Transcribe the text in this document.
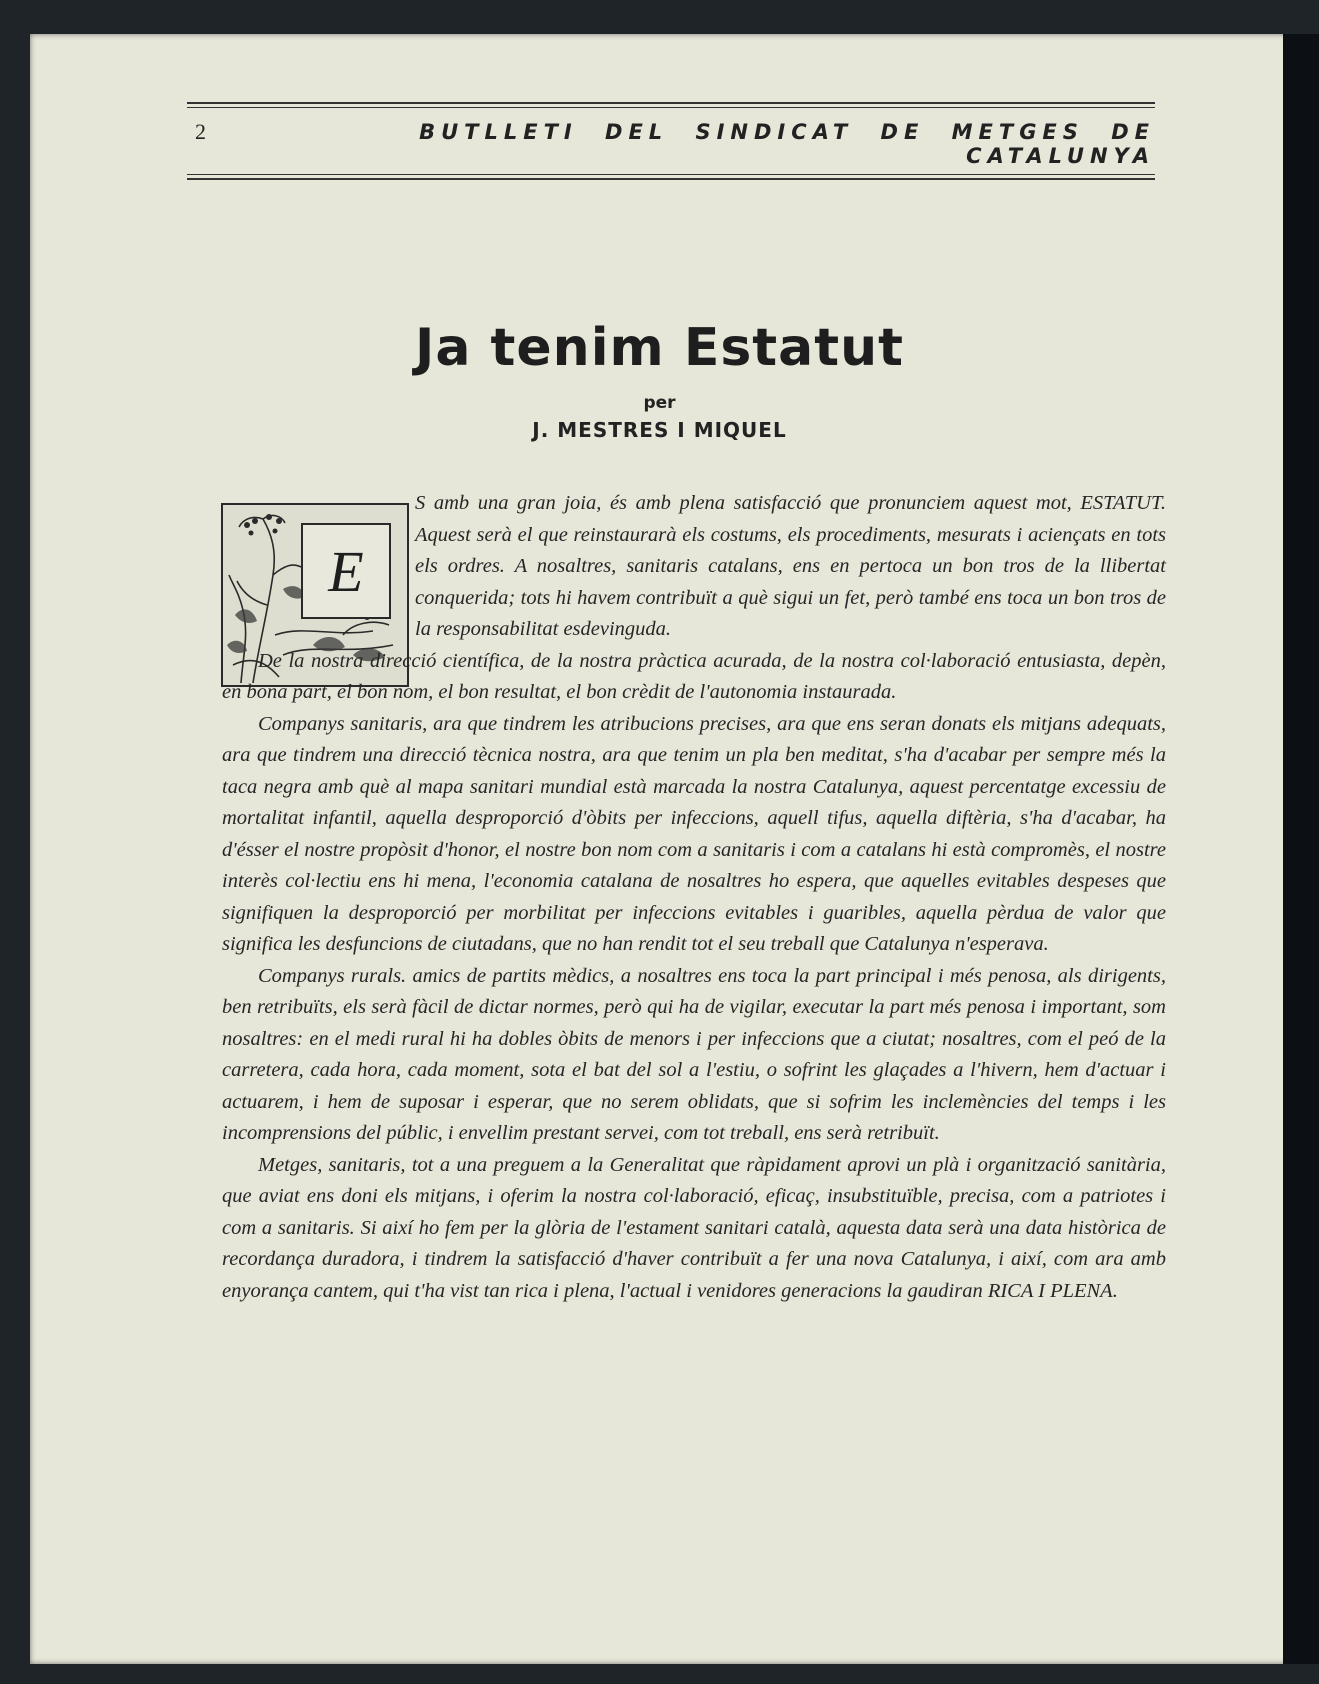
2	BUTLLETI DEL SINDICAT DE METGES DE CATALUNYA
Ja tenim Estatut
per
J. MESTRES I MIQUEL
E

S amb una gran joia, és amb plena satisfacció que pronunciem aquest mot, ESTATUT. Aquest serà el que reinstaurarà els costums, els procediments, mesurats i aciençats en tots els ordres. A nosaltres, sanitaris catalans, ens en pertoca un bon tros de la llibertat conquerida; tots hi havem contribuït a què sigui un fet, però també ens toca un bon tros de la responsabilitat esdevinguda.

De la nostra direcció científica, de la nostra pràctica acurada, de la nostra col·laboració entusiasta, depèn, en bona part, el bon nom, el bon resultat, el bon crèdit de l'autonomia instaurada.

Companys sanitaris, ara que tindrem les atribucions precises, ara que ens seran donats els mitjans adequats, ara que tindrem una direcció tècnica nostra, ara que tenim un pla ben meditat, s'ha d'acabar per sempre més la taca negra amb què al mapa sanitari mundial està marcada la nostra Catalunya, aquest percentatge excessiu de mortalitat infantil, aquella desproporció d'òbits per infeccions, aquell tifus, aquella diftèria, s'ha d'acabar, ha d'ésser el nostre propòsit d'honor, el nostre bon nom com a sanitaris i com a catalans hi està compromès, el nostre interès col·lectiu ens hi mena, l'economia catalana de nosaltres ho espera, que aquelles evitables despeses que signifiquen la desproporció per morbilitat per infeccions evitables i guaribles, aquella pèrdua de valor que significa les desfuncions de ciutadans, que no han rendit tot el seu treball que Catalunya n'esperava.

Companys rurals. amics de partits mèdics, a nosaltres ens toca la part principal i més penosa, als dirigents, ben retribuïts, els serà fàcil de dictar normes, però qui ha de vigilar, executar la part més penosa i important, som nosaltres: en el medi rural hi ha dobles òbits de menors i per infeccions que a ciutat; nosaltres, com el peó de la carretera, cada hora, cada moment, sota el bat del sol a l'estiu, o sofrint les glaçades a l'hivern, hem d'actuar i actuarem, i hem de suposar i esperar, que no serem oblidats, que si sofrim les inclemències del temps i les incomprensions del públic, i envellim prestant servei, com tot treball, ens serà retribuït.

Metges, sanitaris, tot a una preguem a la Generalitat que ràpidament aprovi un plà i organització sanitària, que aviat ens doni els mitjans, i oferim la nostra col·laboració, eficaç, insubstituïble, precisa, com a patriotes i com a sanitaris. Si així ho fem per la glòria de l'estament sanitari català, aquesta data serà una data històrica de recordança duradora, i tindrem la satisfacció d'haver contribuït a fer una nova Catalunya, i així, com ara amb enyorança cantem, qui t'ha vist tan rica i plena, l'actual i venidores generacions la gaudiran RICA I PLENA.
